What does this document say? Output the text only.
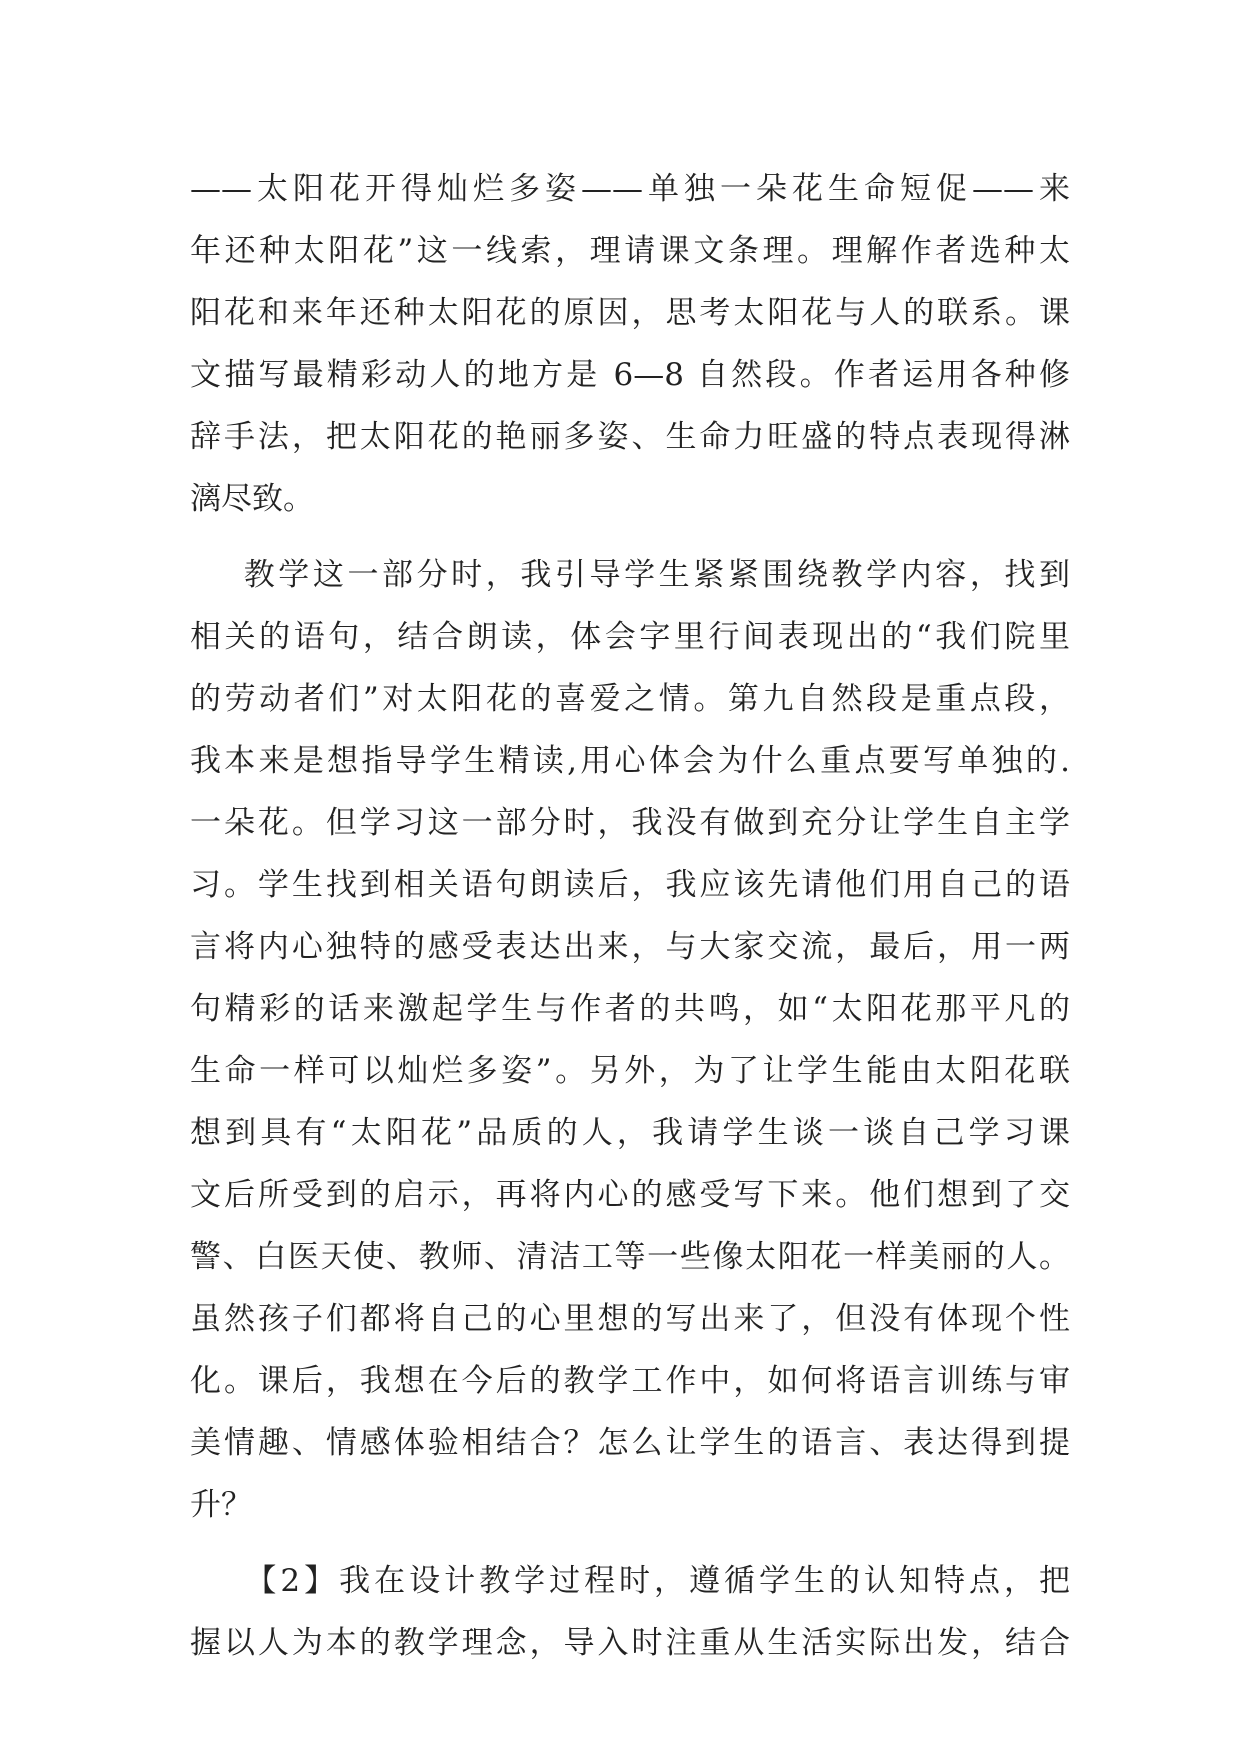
——太阳花开得灿烂多姿——单独一朵花生命短促——来
年还种太阳花”这一线索，理请课文条理。理解作者选种太
阳花和来年还种太阳花的原因，思考太阳花与人的联系。课
文描写最精彩动人的地方是 6—8 自然段。作者运用各种修
辞手法，把太阳花的艳丽多姿、生命力旺盛的特点表现得淋
漓尽致。
教学这一部分时，我引导学生紧紧围绕教学内容，找到
相关的语句，结合朗读，体会字里行间表现出的“我们院里
的劳动者们”对太阳花的喜爱之情。第九自然段是重点段，
我本来是想指导学生精读,用心体会为什么重点要写单独的.
一朵花。但学习这一部分时，我没有做到充分让学生自主学
习。学生找到相关语句朗读后，我应该先请他们用自己的语
言将内心独特的感受表达出来，与大家交流，最后，用一两
句精彩的话来激起学生与作者的共鸣，如“太阳花那平凡的
生命一样可以灿烂多姿”。另外，为了让学生能由太阳花联
想到具有“太阳花”品质的人，我请学生谈一谈自己学习课
文后所受到的启示，再将内心的感受写下来。他们想到了交
警、白医天使、教师、清洁工等一些像太阳花一样美丽的人。
虽然孩子们都将自己的心里想的写出来了，但没有体现个性
化。课后，我想在今后的教学工作中，如何将语言训练与审
美情趣、情感体验相结合？怎么让学生的语言、表达得到提
升？
【2】我在设计教学过程时，遵循学生的认知特点，把
握以人为本的教学理念，导入时注重从生活实际出发，结合
